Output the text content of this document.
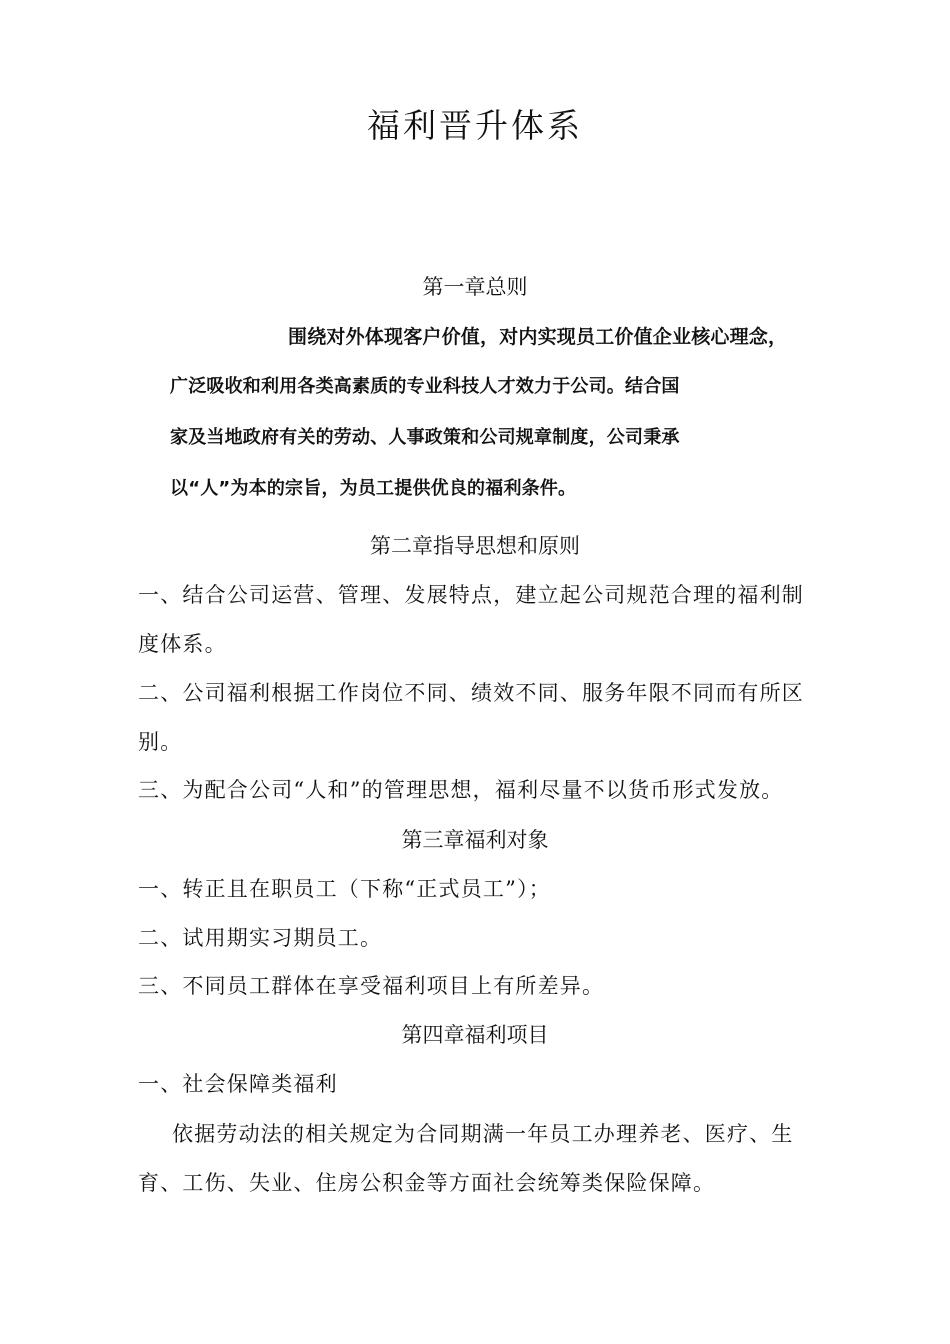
福利晋升体系
第一章总则
围绕对外体现客户价值，对内实现员工价值企业核心理念，
广泛吸收和利用各类高素质的专业科技人才效力于公司。结合国
家及当地政府有关的劳动、人事政策和公司规章制度，公司秉承
以“人”为本的宗旨，为员工提供优良的福利条件。
第二章指导思想和原则
一、结合公司运营、管理、发展特点，建立起公司规范合理的福利制
度体系。
二、公司福利根据工作岗位不同、绩效不同、服务年限不同而有所区
别。
三、为配合公司“人和”的管理思想，福利尽量不以货币形式发放。
第三章福利对象
一、转正且在职员工（下称“正式员工”）；
二、试用期实习期员工。
三、不同员工群体在享受福利项目上有所差异。
第四章福利项目
一、社会保障类福利
依据劳动法的相关规定为合同期满一年员工办理养老、医疗、生
育、工伤、失业、住房公积金等方面社会统筹类保险保障。
